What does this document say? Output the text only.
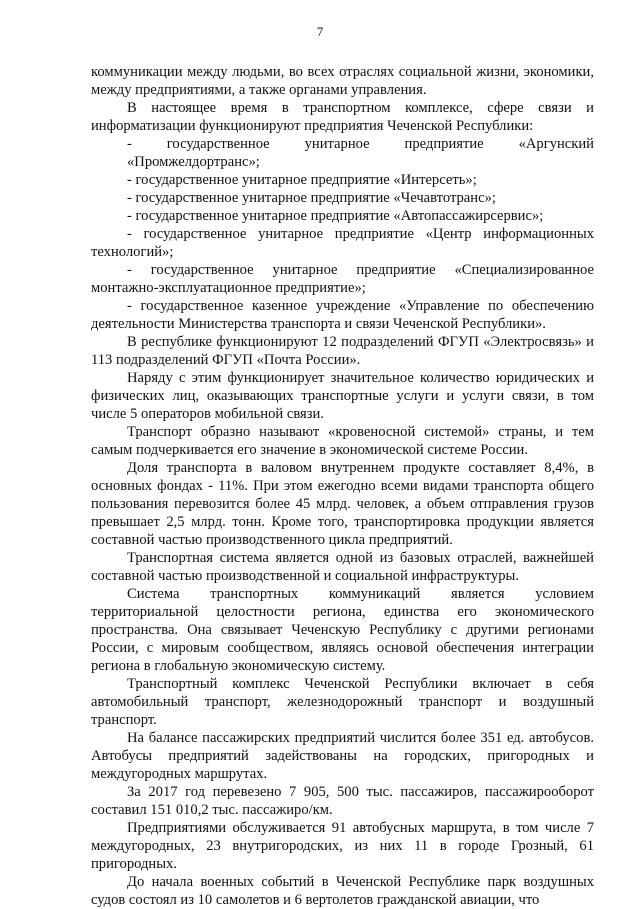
7

коммуникации между людьми, во всех отраслях социальной жизни, экономики, между предприятиями, а также органами управления.

В настоящее время в транспортном комплексе, сфере связи и информатизации функционируют предприятия Чеченской Республики:

- государственное унитарное предприятие «Аргунский «Промжелдортранс»;

- государственное унитарное предприятие «Интерсеть»;

- государственное унитарное предприятие «Чечавтотранс»;

- государственное унитарное предприятие «Автопассажирсервис»;

- государственное унитарное предприятие «Центр информационных технологий»;

- государственное унитарное предприятие «Специализированное монтажно-эксплуатационное предприятие»;

- государственное казенное учреждение «Управление по обеспечению деятельности Министерства транспорта и связи Чеченской Республики».

В республике функционируют 12 подразделений ФГУП «Электросвязь» и 113 подразделений ФГУП «Почта России».

Наряду с этим функционирует значительное количество юридических и физических лиц, оказывающих транспортные услуги и услуги связи, в том числе 5 операторов мобильной связи.

Транспорт образно называют «кровеносной системой» страны, и тем самым подчеркивается его значение в экономической системе России.

Доля транспорта в валовом внутреннем продукте составляет 8,4%, в основных фондах - 11%. При этом ежегодно всеми видами транспорта общего пользования перевозится более 45 млрд. человек, а объем отправления грузов превышает 2,5 млрд. тонн. Кроме того, транспортировка продукции является составной частью производственного цикла предприятий.

Транспортная система является одной из базовых отраслей, важнейшей составной частью производственной и социальной инфраструктуры.

Система транспортных коммуникаций является условием территориальной целостности региона, единства его экономического пространства. Она связывает Чеченскую Республику с другими регионами России, с мировым сообществом, являясь основой обеспечения интеграции региона в глобальную экономическую систему.

Транспортный комплекс Чеченской Республики включает в себя автомобильный транспорт, железнодорожный транспорт и воздушный транспорт.

На балансе пассажирских предприятий числится более 351 ед. автобусов. Автобусы предприятий задействованы на городских, пригородных и междугородных маршрутах.

За 2017 год перевезено 7 905, 500 тыс. пассажиров, пассажирооборот составил 151 010,2 тыс. пассажиро/км.

Предприятиями обслуживается 91 автобусных маршрута, в том числе 7 междугородных, 23 внутригородских, из них 11 в городе Грозный, 61 пригородных.

До начала военных событий в Чеченской Республике парк воздушных судов состоял из 10 самолетов и 6 вертолетов гражданской авиации, что
